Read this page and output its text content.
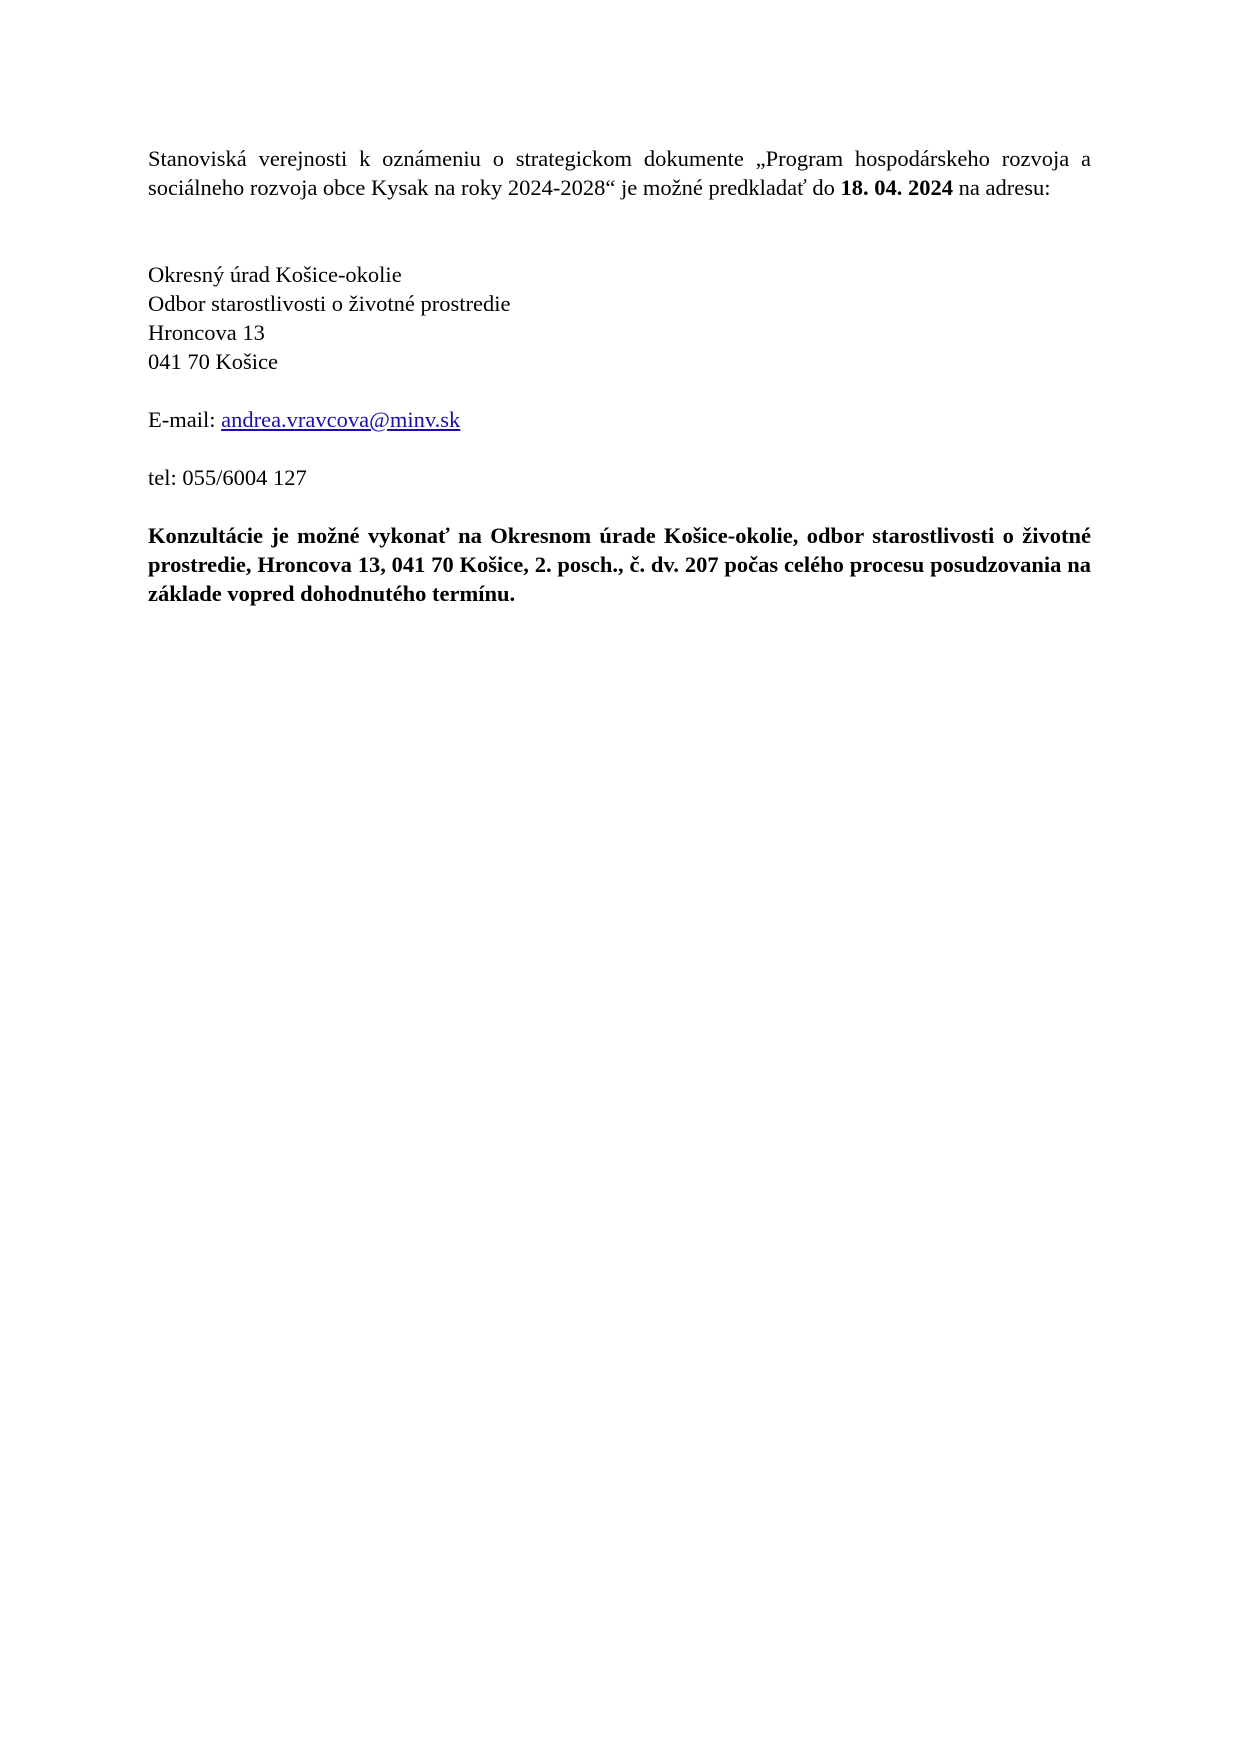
Stanoviská verejnosti k oznámeniu o strategickom dokumente „Program hospodárskeho rozvoja a sociálneho rozvoja obce Kysak na roky 2024-2028“ je možné predkladať do 18. 04. 2024 na adresu:

Okresný úrad Košice-okolie
Odbor starostlivosti o životné prostredie
Hroncova 13
041 70 Košice

E-mail: andrea.vravcova@minv.sk

tel: 055/6004 127

Konzultácie je možné vykonať na Okresnom úrade Košice-okolie, odbor starostlivosti o životné prostredie, Hroncova 13, 041 70 Košice, 2. posch., č. dv. 207 počas celého procesu posudzovania na základe vopred dohodnutého termínu.
